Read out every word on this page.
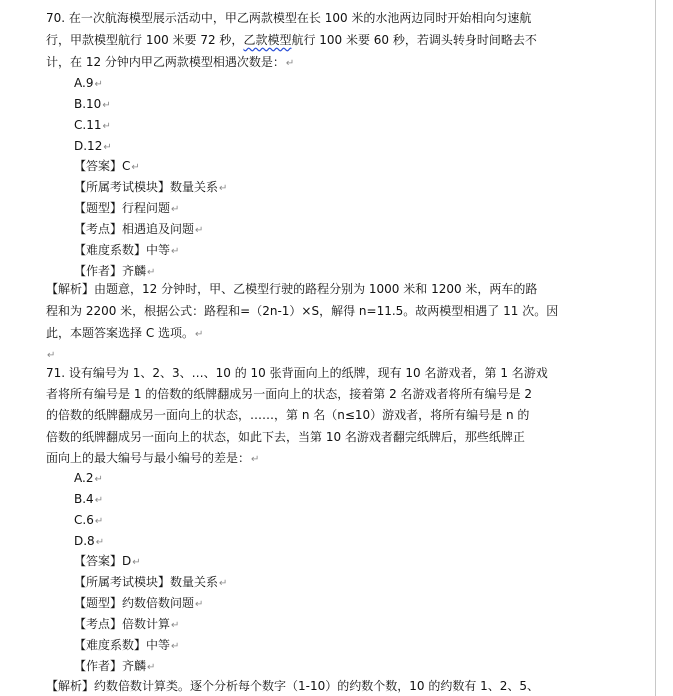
70. 在一次航海模型展示活动中，甲乙两款模型在长 100 米的水池两边同时开始相向匀速航
行，甲款模型航行 100 米要 72 秒，乙款模型航行 100 米要 60 秒，若调头转身时间略去不
计，在 12 分钟内甲乙两款模型相遇次数是：↵
A.9↵
B.10↵
C.11↵
D.12↵
【答案】C↵
【所属考试模块】数量关系↵
【题型】行程问题↵
【考点】相遇追及问题↵
【难度系数】中等↵
【作者】齐麟↵
【解析】由题意，12 分钟时，甲、乙模型行驶的路程分别为 1000 米和 1200 米，两车的路
程和为 2200 米，根据公式：路程和=（2n-1）×S，解得 n=11.5。故两模型相遇了 11 次。因
此，本题答案选择 C 选项。↵
↵
71. 设有编号为 1、2、3、…、10 的 10 张背面向上的纸牌，现有 10 名游戏者，第 1 名游戏
者将所有编号是 1 的倍数的纸牌翻成另一面向上的状态，接着第 2 名游戏者将所有编号是 2
的倍数的纸牌翻成另一面向上的状态，……，第 n 名（n≤10）游戏者，将所有编号是 n 的
倍数的纸牌翻成另一面向上的状态，如此下去，当第 10 名游戏者翻完纸牌后，那些纸牌正
面向上的最大编号与最小编号的差是：↵
A.2↵
B.4↵
C.6↵
D.8↵
【答案】D↵
【所属考试模块】数量关系↵
【题型】约数倍数问题↵
【考点】倍数计算↵
【难度系数】中等↵
【作者】齐麟↵
【解析】约数倍数计算类。逐个分析每个数字（1-10）的约数个数，10 的约数有 1、2、5、
